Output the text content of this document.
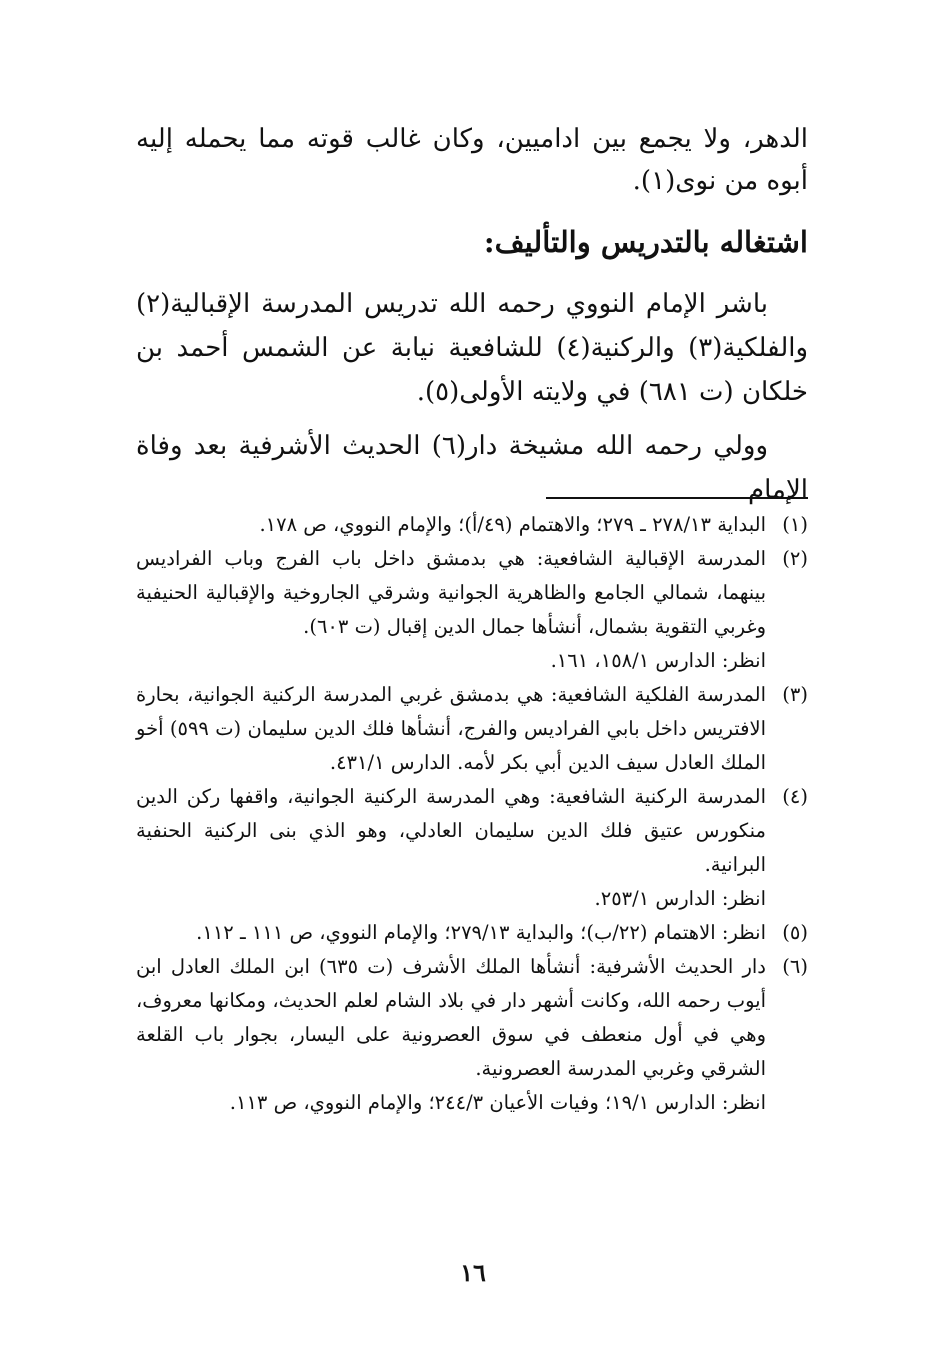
الدهر، ولا يجمع بين اداميين، وكان غالب قوته مما يحمله إليه أبوه من نوى(١).

اشتغاله بالتدريس والتأليف:

باشر الإمام النووي رحمه الله تدريس المدرسة الإقبالية(٢) والفلكية(٣) والركنية(٤) للشافعية نيابة عن الشمس أحمد بن خلكان (ت ٦٨١) في ولايته الأولى(٥).

وولي رحمه الله مشيخة دار(٦) الحديث الأشرفية بعد وفاة الإمام

(١)
البداية ٢٧٨/١٣ ـ ٢٧٩؛ والاهتمام (٤٩/أ)؛ والإمام النووي، ص ١٧٨.
(٢)
المدرسة الإقبالية الشافعية: هي بدمشق داخل باب الفرج وباب الفراديس بينهما، شمالي الجامع والظاهرية الجوانية وشرقي الجاروخية والإقبالية الحنيفية وغربي التقوية بشمال، أنشأها جمال الدين إقبال (ت ٦٠٣).
انظر: الدارس ١٥٨/١، ١٦١.
(٣)
المدرسة الفلكية الشافعية: هي بدمشق غربي المدرسة الركنية الجوانية، بحارة الافتريس داخل بابي الفراديس والفرج، أنشأها فلك الدين سليمان (ت ٥٩٩) أخو الملك العادل سيف الدين أبي بكر لأمه. الدارس ٤٣١/١.
(٤)
المدرسة الركنية الشافعية: وهي المدرسة الركنية الجوانية، واقفها ركن الدين منكورس عتيق فلك الدين سليمان العادلي، وهو الذي بنى الركنية الحنفية البرانية.
انظر: الدارس ٢٥٣/١.
(٥)
انظر: الاهتمام (٢٢/ب)؛ والبداية ٢٧٩/١٣؛ والإمام النووي، ص ١١١ ـ ١١٢.
(٦)
دار الحديث الأشرفية: أنشأها الملك الأشرف (ت ٦٣٥) ابن الملك العادل ابن أيوب رحمه الله، وكانت أشهر دار في بلاد الشام لعلم الحديث، ومكانها معروف، وهي في أول منعطف في سوق العصرونية على اليسار، بجوار باب القلعة الشرقي وغربي المدرسة العصرونية.
انظر: الدارس ١٩/١؛ وفيات الأعيان ٢٤٤/٣؛ والإمام النووي، ص ١١٣.
١٦
